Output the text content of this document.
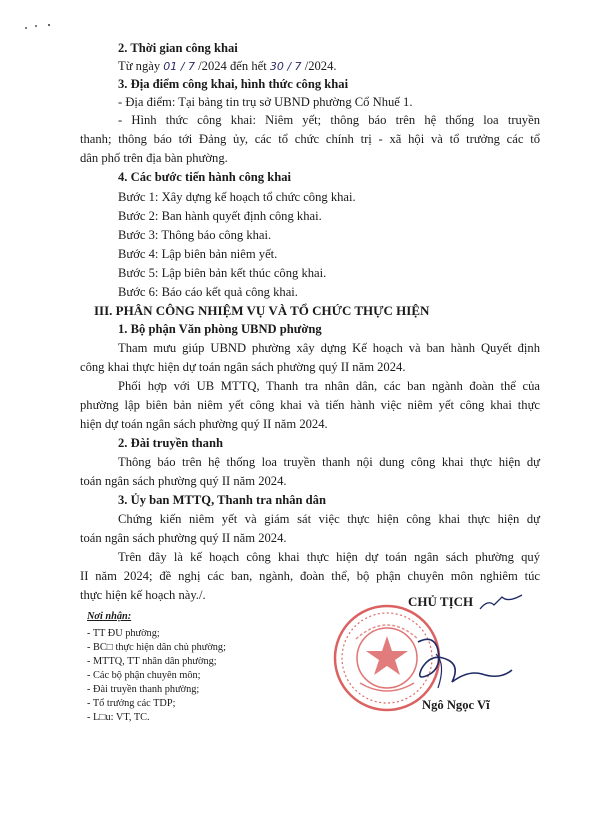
2. Thời gian công khai
Từ ngày 01 / 7 /2024 đến hết 30 / 7 /2024.
3. Địa điểm công khai, hình thức công khai
- Địa điểm: Tại bảng tin trụ sở UBND phường Cổ Nhuế 1.
- Hình thức công khai: Niêm yết; thông báo trên hệ thống loa truyền
thanh; thông báo tới Đảng ủy, các tổ chức chính trị - xã hội và tổ trưởng các tổ
dân phố trên địa bàn phường.
4. Các bước tiến hành công khai
Bước 1: Xây dựng kế hoạch tổ chức công khai.
Bước 2: Ban hành quyết định công khai.
Bước 3: Thông báo công khai.
Bước 4: Lập biên bản niêm yết.
Bước 5: Lập biên bản kết thúc công khai.
Bước 6: Báo cáo kết quả công khai.
III. PHÂN CÔNG NHIỆM VỤ VÀ TỔ CHỨC THỰC HIỆN
1. Bộ phận Văn phòng UBND phường
Tham mưu giúp UBND phường xây dựng Kế hoạch và ban hành Quyết định
công khai thực hiện dự toán ngân sách phường quý II năm 2024.
Phối hợp với UB MTTQ, Thanh tra nhân dân, các ban ngành đoàn thể của
phường lập biên bản niêm yết công khai và tiến hành việc niêm yết công khai thực
hiện dự toán ngân sách phường quý II năm 2024.
2. Đài truyền thanh
Thông báo trên hệ thống loa truyền thanh nội dung công khai thực hiện dự
toán ngân sách phường quý II năm 2024.
3. Ủy ban MTTQ, Thanh tra nhân dân
Chứng kiến niêm yết và giám sát việc thực hiện công khai thực hiện dự
toán ngân sách phường quý II năm 2024.
Trên đây là kế hoạch công khai thực hiện dự toán ngân sách phường quý
II năm 2024; đề nghị các ban, ngành, đoàn thể, bộ phận chuyên môn nghiêm túc
thực hiện kế hoạch này./.
Nơi nhận:
- TT ĐU phường;
- BC□ thực hiện dân chủ phường;
- MTTQ, TT nhân dân phường;
- Các bộ phận chuyên môn;
- Đài truyền thanh phường;
- Tổ trưởng các TDP;
- L□u: VT, TC.
CHỦ TỊCH
Ngô Ngọc Vĩ
